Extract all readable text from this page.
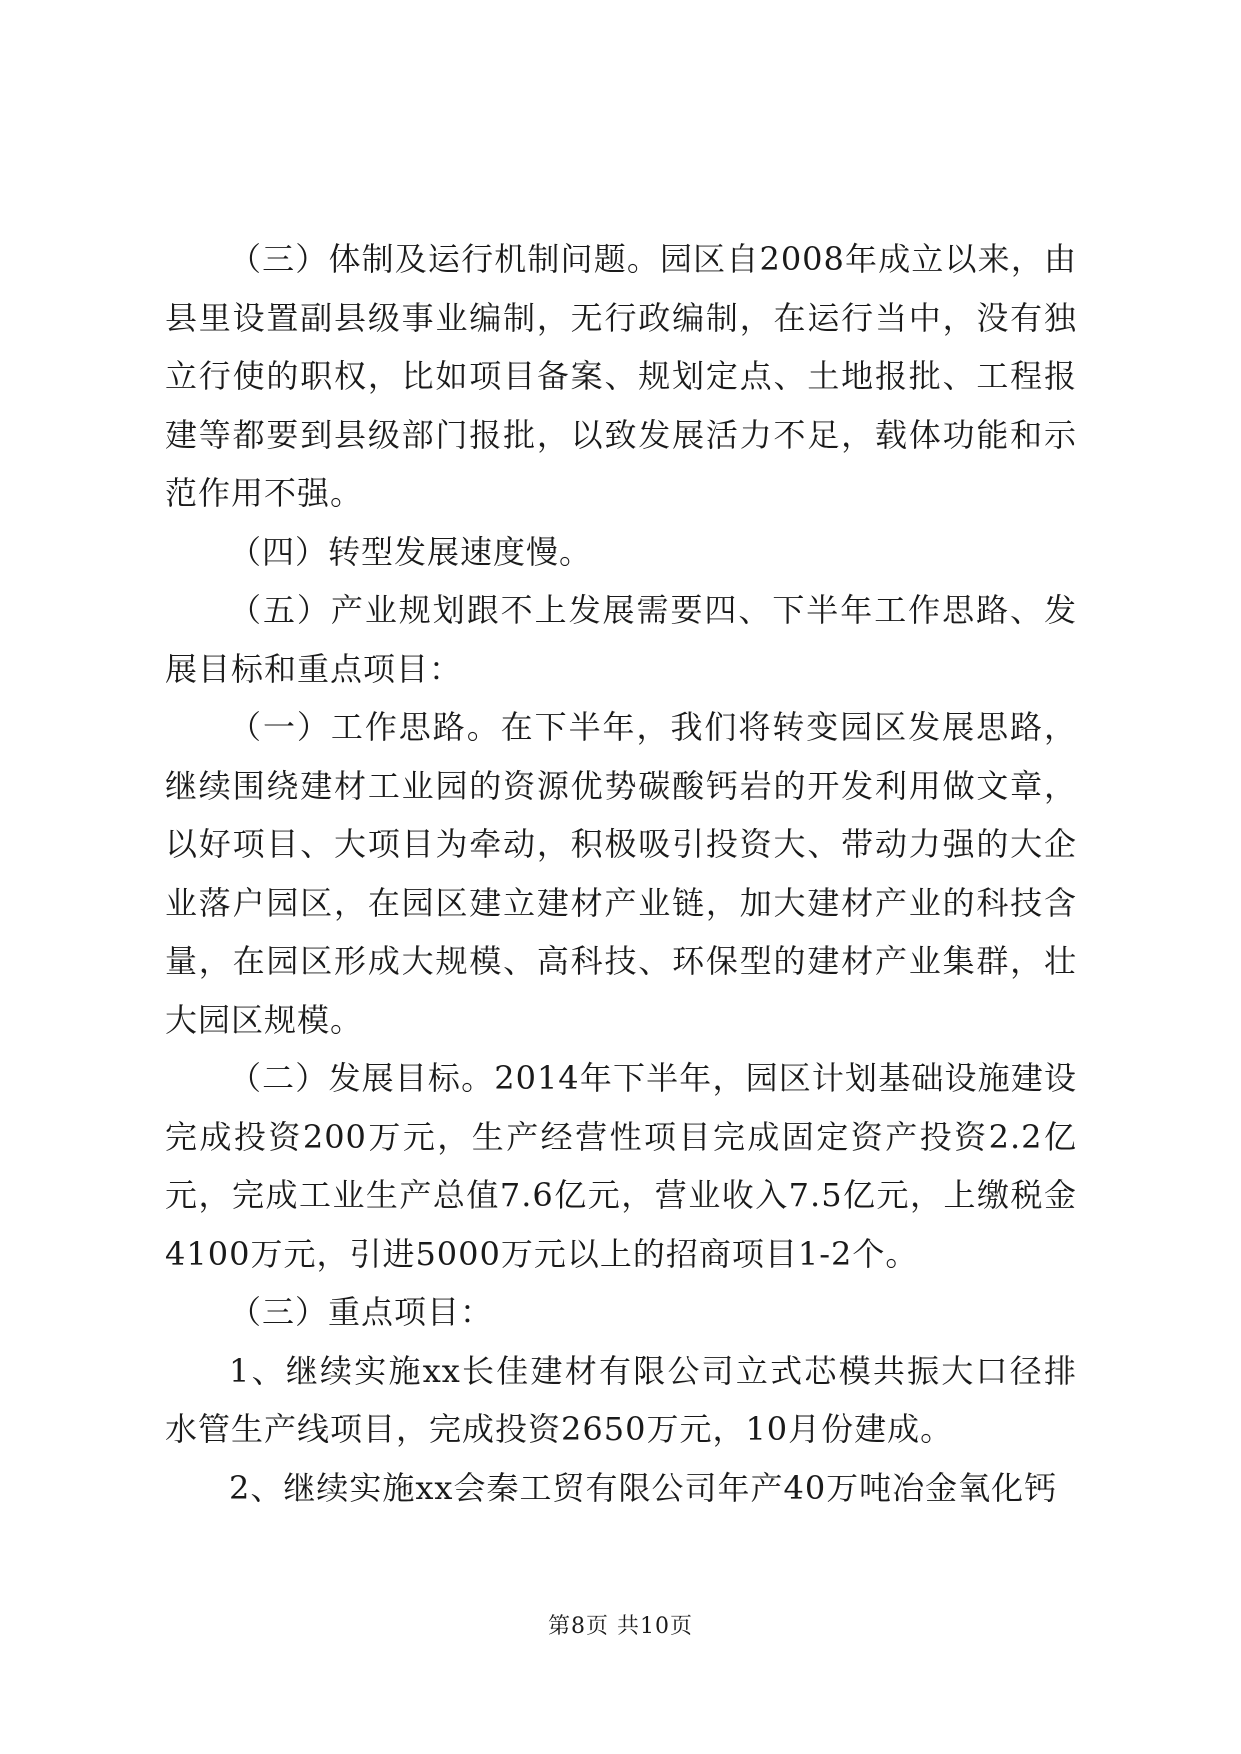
（三）体制及运行机制问题。园区自2008年成立以来，由县里设置副县级事业编制，无行政编制，在运行当中，没有独立行使的职权，比如项目备案、规划定点、土地报批、工程报建等都要到县级部门报批，以致发展活力不足，载体功能和示范作用不强。

（四）转型发展速度慢。

（五）产业规划跟不上发展需要四、下半年工作思路、发展目标和重点项目：

（一）工作思路。在下半年，我们将转变园区发展思路，继续围绕建材工业园的资源优势碳酸钙岩的开发利用做文章，以好项目、大项目为牵动，积极吸引投资大、带动力强的大企业落户园区，在园区建立建材产业链，加大建材产业的科技含量，在园区形成大规模、高科技、环保型的建材产业集群，壮大园区规模。

（二）发展目标。2014年下半年，园区计划基础设施建设完成投资200万元，生产经营性项目完成固定资产投资2.2亿元，完成工业生产总值7.6亿元，营业收入7.5亿元，上缴税金4100万元，引进5000万元以上的招商项目1-2个。

（三）重点项目：

1、继续实施xx长佳建材有限公司立式芯模共振大口径排水管生产线项目，完成投资2650万元，10月份建成。

2、继续实施xx会秦工贸有限公司年产40万吨冶金氧化钙

第8页 共10页
